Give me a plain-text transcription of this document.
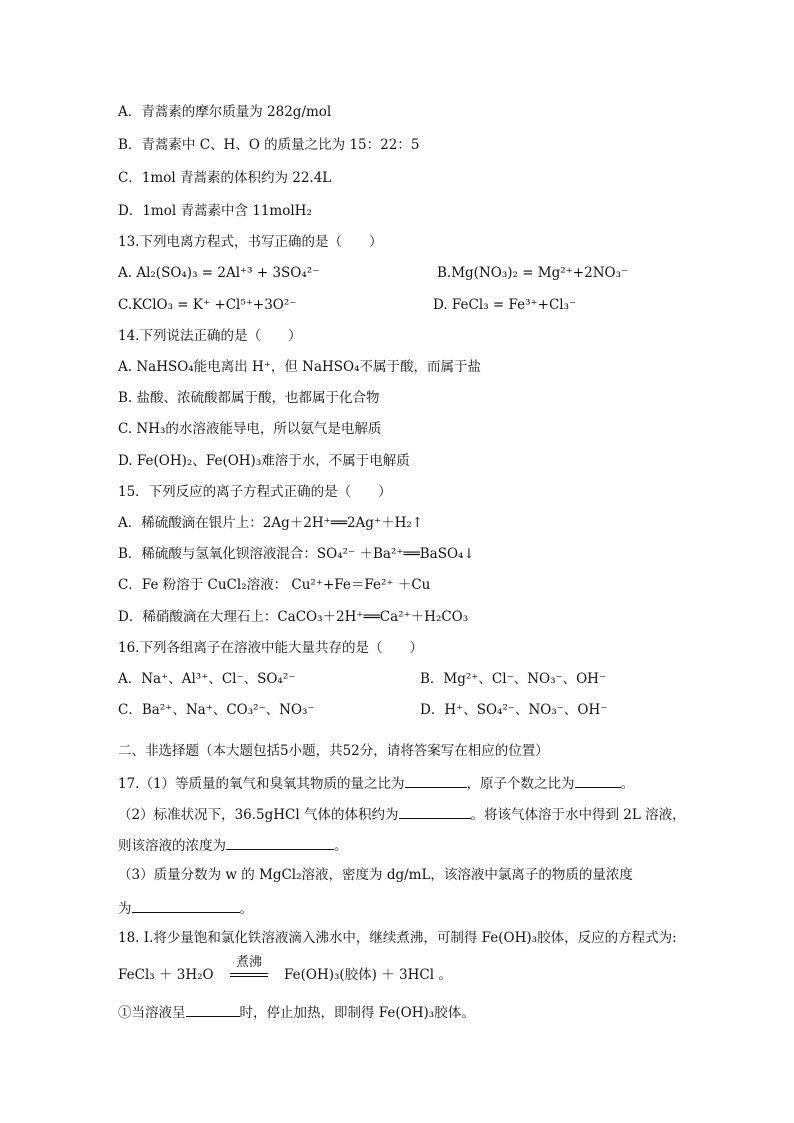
A．青蒿素的摩尔质量为 282g/mol
B．青蒿素中 C、H、O 的质量之比为 15：22：5
C．1mol 青蒿素的体积约为 22.4L
D．1mol 青蒿素中含 11molH₂
13.下列电离方程式，书写正确的是（　　）
A. Al₂(SO₄)₃ = 2Al⁺³ + 3SO₄²⁻	B.Mg(NO₃)₂ = Mg²⁺+2NO₃⁻
C.KClO₃ = K⁺ +Cl⁵⁺+3O²⁻	D. FeCl₃ = Fe³⁺+Cl₃⁻
14.下列说法正确的是（　　）
A. NaHSO₄能电离出 H⁺，但 NaHSO₄不属于酸，而属于盐
B. 盐酸、浓硫酸都属于酸，也都属于化合物
C. NH₃的水溶液能导电，所以氨气是电解质
D. Fe(OH)₂、Fe(OH)₃难溶于水，不属于电解质
15．下列反应的离子方程式正确的是（　　）
A．稀硫酸滴在银片上：2Ag＋2H⁺══2Ag⁺＋H₂↑
B．稀硫酸与氢氧化钡溶液混合：SO₄²⁻ ＋Ba²⁺══BaSO₄↓
C．Fe 粉溶于 CuCl₂溶液： Cu²⁺+Fe＝Fe²⁺ ＋Cu
D．稀硝酸滴在大理石上：CaCO₃＋2H⁺══Ca²⁺＋H₂CO₃
16.下列各组离子在溶液中能大量共存的是（　　）
A．Na⁺、Al³⁺、Cl⁻、SO₄²⁻	B．Mg²⁺、Cl⁻、NO₃⁻、OH⁻
C．Ba²⁺、Na⁺、CO₃²⁻、NO₃⁻	D．H⁺、SO₄²⁻、NO₃⁻、OH⁻
二、非选择题（本大题包括5小题，共52分，请将答案写在相应的位置）
17.（1）等质量的氧气和臭氧其物质的量之比为	，原子个数之比为	。
（2）标准状况下，36.5gHCl 气体的体积约为	。将该气体溶于水中得到 2L 溶液，
则该溶液的浓度为	。
（3）质量分数为 w 的 MgCl₂溶液，密度为 dg/mL，该溶液中氯离子的物质的量浓度
为	。
18. I.将少量饱和氯化铁溶液滴入沸水中，继续煮沸，可制得 Fe(OH)₃胶体，反应的方程式为:
FeCl₃ ＋ 3H₂O
煮沸
Fe(OH)₃(胶体) ＋ 3HCl 。
①当溶液呈	时，停止加热，即制得 Fe(OH)₃胶体。
